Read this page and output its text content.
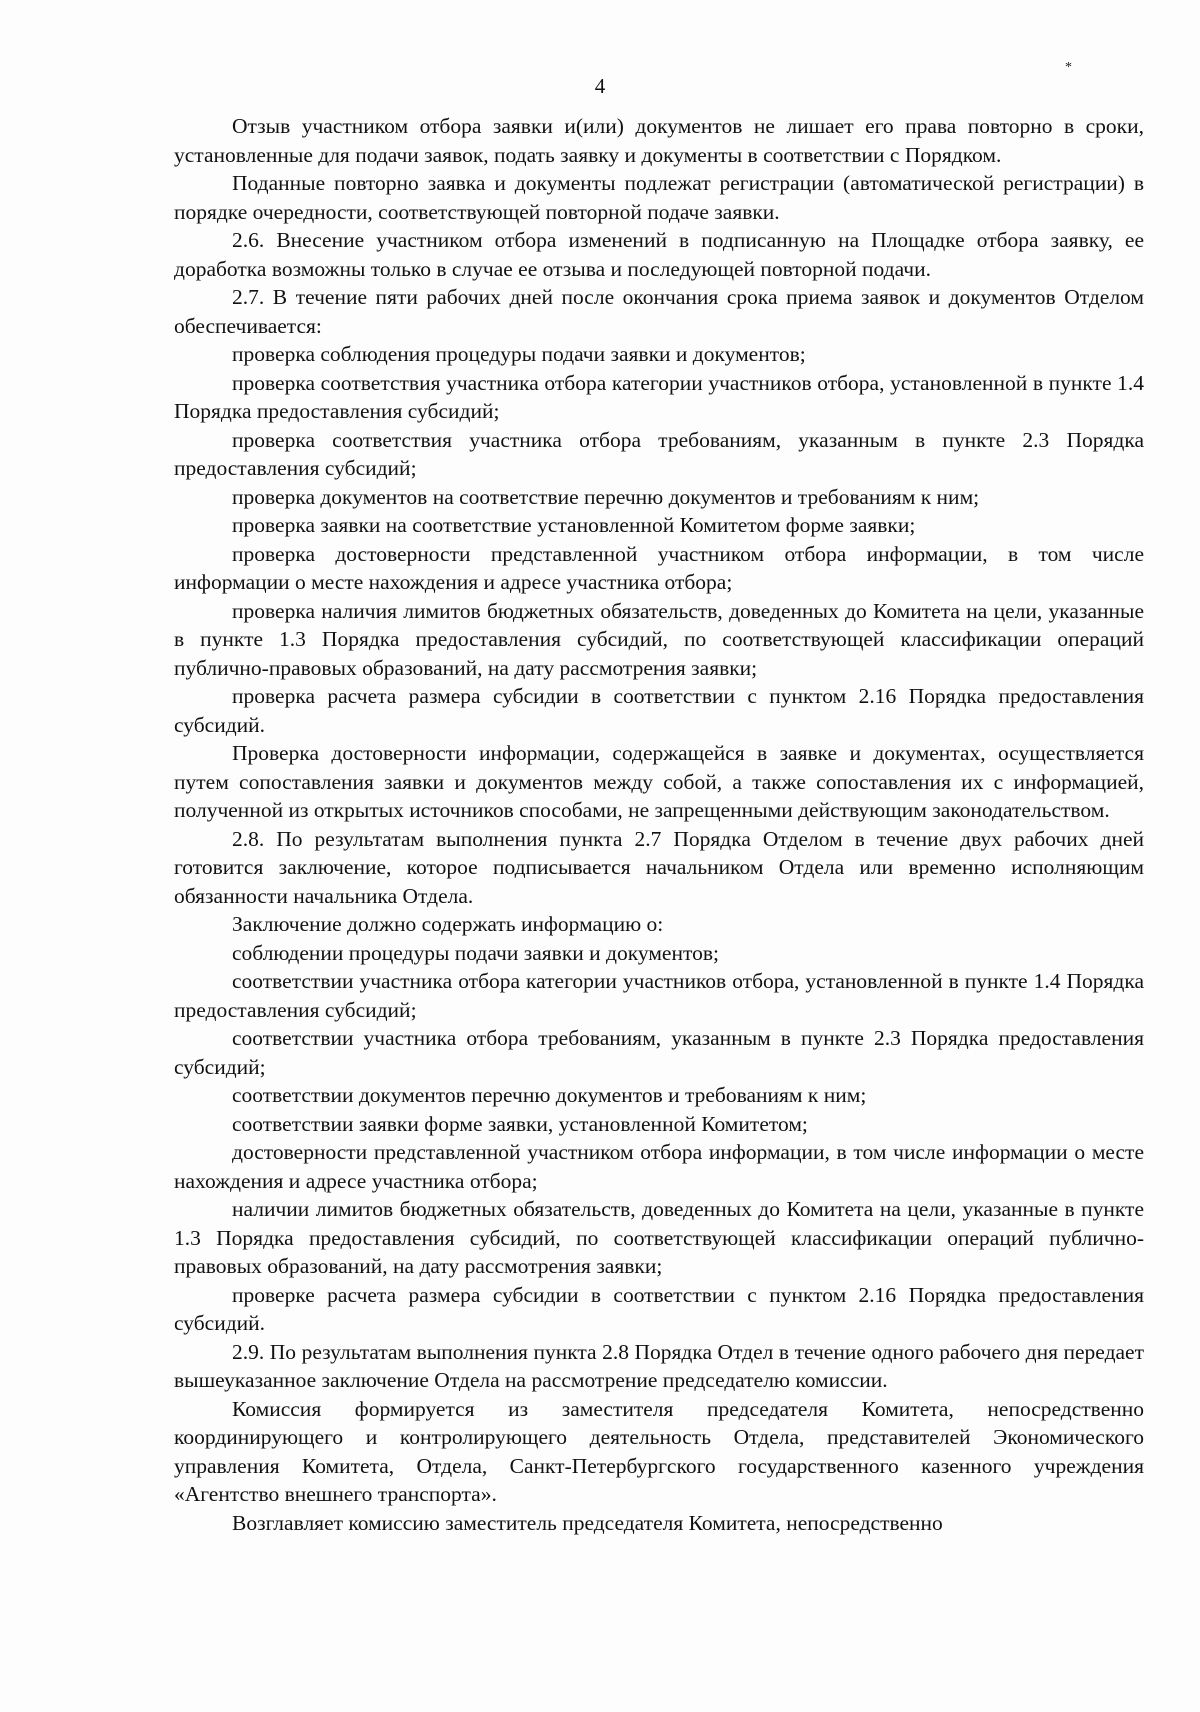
*
4

Отзыв участником отбора заявки и(или) документов не лишает его права повторно в сроки, установленные для подачи заявок, подать заявку и документы в соответствии с Порядком.

Поданные повторно заявка и документы подлежат регистрации (автоматической регистрации) в порядке очередности, соответствующей повторной подаче заявки.

2.6. Внесение участником отбора изменений в подписанную на Площадке отбора заявку, ее доработка возможны только в случае ее отзыва и последующей повторной подачи.

2.7. В течение пяти рабочих дней после окончания срока приема заявок и документов Отделом обеспечивается:

проверка соблюдения процедуры подачи заявки и документов;

проверка соответствия участника отбора категории участников отбора, установленной в пункте 1.4 Порядка предоставления субсидий;

проверка соответствия участника отбора требованиям, указанным в пункте 2.3 Порядка предоставления субсидий;

проверка документов на соответствие перечню документов и требованиям к ним;

проверка заявки на соответствие установленной Комитетом форме заявки;

проверка достоверности представленной участником отбора информации, в том числе информации о месте нахождения и адресе участника отбора;

проверка наличия лимитов бюджетных обязательств, доведенных до Комитета на цели, указанные в пункте 1.3 Порядка предоставления субсидий, по соответствующей классификации операций публично-правовых образований, на дату рассмотрения заявки;

проверка расчета размера субсидии в соответствии с пунктом 2.16 Порядка предоставления субсидий.

Проверка достоверности информации, содержащейся в заявке и документах, осуществляется путем сопоставления заявки и документов между собой, а также сопоставления их с информацией, полученной из открытых источников способами, не запрещенными действующим законодательством.

2.8. По результатам выполнения пункта 2.7 Порядка Отделом в течение двух рабочих дней готовится заключение, которое подписывается начальником Отдела или временно исполняющим обязанности начальника Отдела.

Заключение должно содержать информацию о:

соблюдении процедуры подачи заявки и документов;

соответствии участника отбора категории участников отбора, установленной в пункте 1.4 Порядка предоставления субсидий;

соответствии участника отбора требованиям, указанным в пункте 2.3 Порядка предоставления субсидий;

соответствии документов перечню документов и требованиям к ним;

соответствии заявки форме заявки, установленной Комитетом;

достоверности представленной участником отбора информации, в том числе информации о месте нахождения и адресе участника отбора;

наличии лимитов бюджетных обязательств, доведенных до Комитета на цели, указанные в пункте 1.3 Порядка предоставления субсидий, по соответствующей классификации операций публично-правовых образований, на дату рассмотрения заявки;

проверке расчета размера субсидии в соответствии с пунктом 2.16 Порядка предоставления субсидий.

2.9. По результатам выполнения пункта 2.8 Порядка Отдел в течение одного рабочего дня передает вышеуказанное заключение Отдела на рассмотрение председателю комиссии.

Комиссия формируется из заместителя председателя Комитета, непосредственно координирующего и контролирующего деятельность Отдела, представителей Экономического управления Комитета, Отдела, Санкт-Петербургского государственного казенного учреждения «Агентство внешнего транспорта».

Возглавляет комиссию заместитель председателя Комитета, непосредственно
